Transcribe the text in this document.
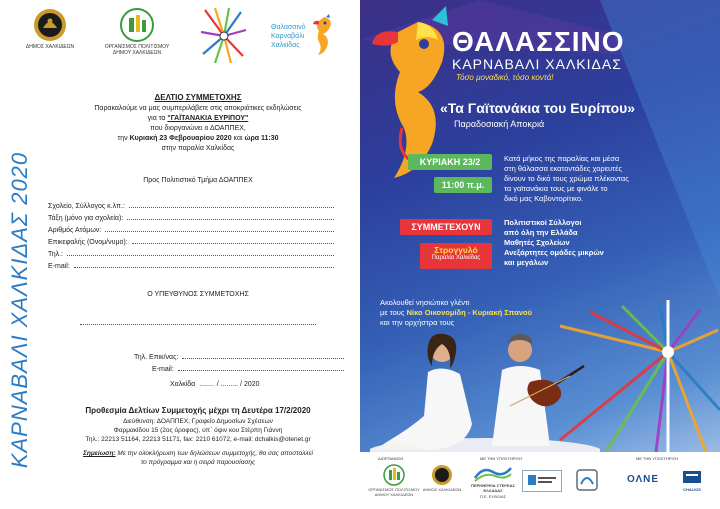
ΔΗΜΟΣ ΧΑΛΚΙΔΕΩΝ	ΟΡΓΑΝΙΣΜΟΣ ΠΟΛΙΤΙΣΜΟΥ ΔΗΜΟΥ ΧΑΛΚΙΔΕΩΝ
Θαλασσινό
Καρναβάλι
Χαλκίδας
ΚΑΡΝΑΒΑΛΙ ΧΑΛΚΙΔΑΣ 2020
ΔΕΛΤΙΟ ΣΥΜΜΕΤΟΧΗΣ
Παρακαλούμε να μας συμπεριλάβετε στις αποκριάτικες εκδηλώσεις
για τα "ΓΑΪΤΑΝΑΚΙΑ ΕΥΡΙΠΟΥ"
που διοργανώνει ο ΔΟΑΠΠΕΧ,
την Κυριακή 23 Φεβρουαρίου 2020 και ώρα 11:30
στην παραλία Χαλκίδας
Προς Πολιτιστικό Τμήμα ΔΟΑΠΠΕΧ
Σχολείο, Σύλλογος κ.λπ.:
Τάξη (μόνο για σχολεία):
Αριθμός Ατόμων:
Επικεφαλής (Ονομ/νυμο):
Τηλ.:
E-mail:
Ο ΥΠΕΥΘΥΝΟΣ ΣΥΜΜΕΤΟΧΗΣ
Τηλ. Επικ/νας:
E-mail:
Χαλκίδα ........ / ......... / 2020
Προθεσμία Δελτίων Συμμετοχής μέχρι τη Δευτέρα 17/2/2020
Διεύθυνση: ΔΟΑΠΠΕΧ, Γραφείο Δημοσίων Σχέσεων
Φαρμακίδου 15 (2ος όροφος), υπ΄ όψιν κου Στέρπη Γιάννη
Τηλ.: 22213 51164, 22213 51171, fax: 2210 61072, e-mail: dchalkis@otenet.gr
Σημείωση: Με την ολοκλήρωση των δηλώσεων συμμετοχής, θα σας αποσταλλεί
το πρόγραμμα και η σειρά παρουσίασης
ΘΑΛΑΣΣΙΝΟ
ΚΑΡΝΑΒΑΛΙ ΧΑΛΚΙΔΑΣ
Τόσο μοναδικό, τόσο κοντά!
«Τα Γαϊτανάκια του Ευρίπου»
Παραδοσιακή Αποκριά
ΚΥΡΙΑΚΗ 23/2
11:00 π.μ.
Κατά μήκος της παραλίας και μέσα
στη θάλασσα εκατοντάδες χορευτές
δίνουν το δικό τους χρώμα πλέκοντας
τα γαϊτανάκια τους με φινάλε το
δικό μας Καβοντορίτικο.
ΣΥΜΜΕΤΕΧΟΥΝ	Πολιτιστικοί Σύλλογοι
από όλη την Ελλάδα
Μαθητές Σχολείων
Ανεξάρτητες ομάδες μικρών
και μεγάλων
Στρογγυλό
Παραλία Χαλκίδας
Ακολουθεί νησιώτικο γλέντι
με τους Νίκο Οικονομίδη - Κυριακή Σπανού
και την ορχήστρα τους
ΔΙΟΡΓΑΝΩΣΗ	ΜΕ ΤΗΝ ΥΠΟΣΤΗΡΙΞΗ	ΜΕ ΤΗΝ ΥΠΟΣΤΗΡΙΞΗ
ΟΡΓΑΝΙΣΜΟΣ ΠΟΛΙΤΙΣΜΟΥ ΔΗΜΟΥ ΧΑΛΚΙΔΕΩΝ
ΔΗΜΟΣ ΧΑΛΚΙΔΕΩΝ
ΠΕΡΙΦΕΡΕΙΑ ΣΤΕΡΕΑΣ ΕΛΛΑΔΑΣ
Π.Ε. ΕΥΒΟΙΑΣ
ΟΛΝΕ
CHALKIS
